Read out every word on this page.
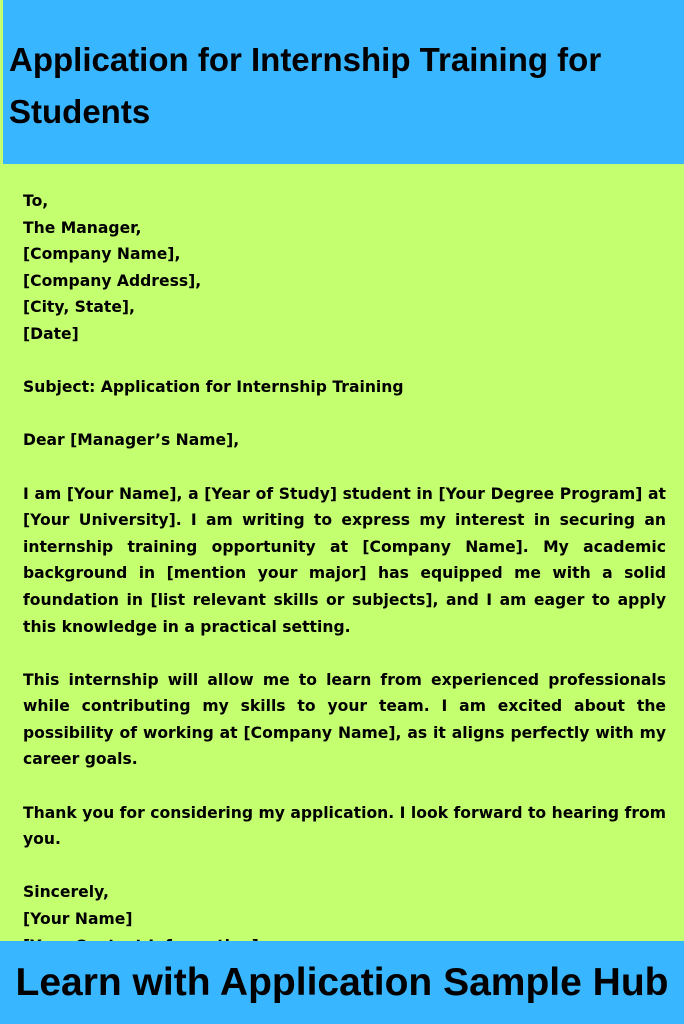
Application for Internship Training for Students
To,
The Manager,
[Company Name],
[Company Address],
[City, State],
[Date]
Subject: Application for Internship Training
Dear [Manager’s Name],
I am [Your Name], a [Year of Study] student in [Your Degree Program] at [Your University]. I am writing to express my interest in securing an internship training opportunity at [Company Name]. My academic background in [mention your major] has equipped me with a solid foundation in [list relevant skills or subjects], and I am eager to apply this knowledge in a practical setting.
This internship will allow me to learn from experienced professionals while contributing my skills to your team. I am excited about the possibility of working at [Company Name], as it aligns perfectly with my career goals.
Thank you for considering my application. I look forward to hearing from you.
Sincerely,
[Your Name]
Learn with Application Sample Hub
